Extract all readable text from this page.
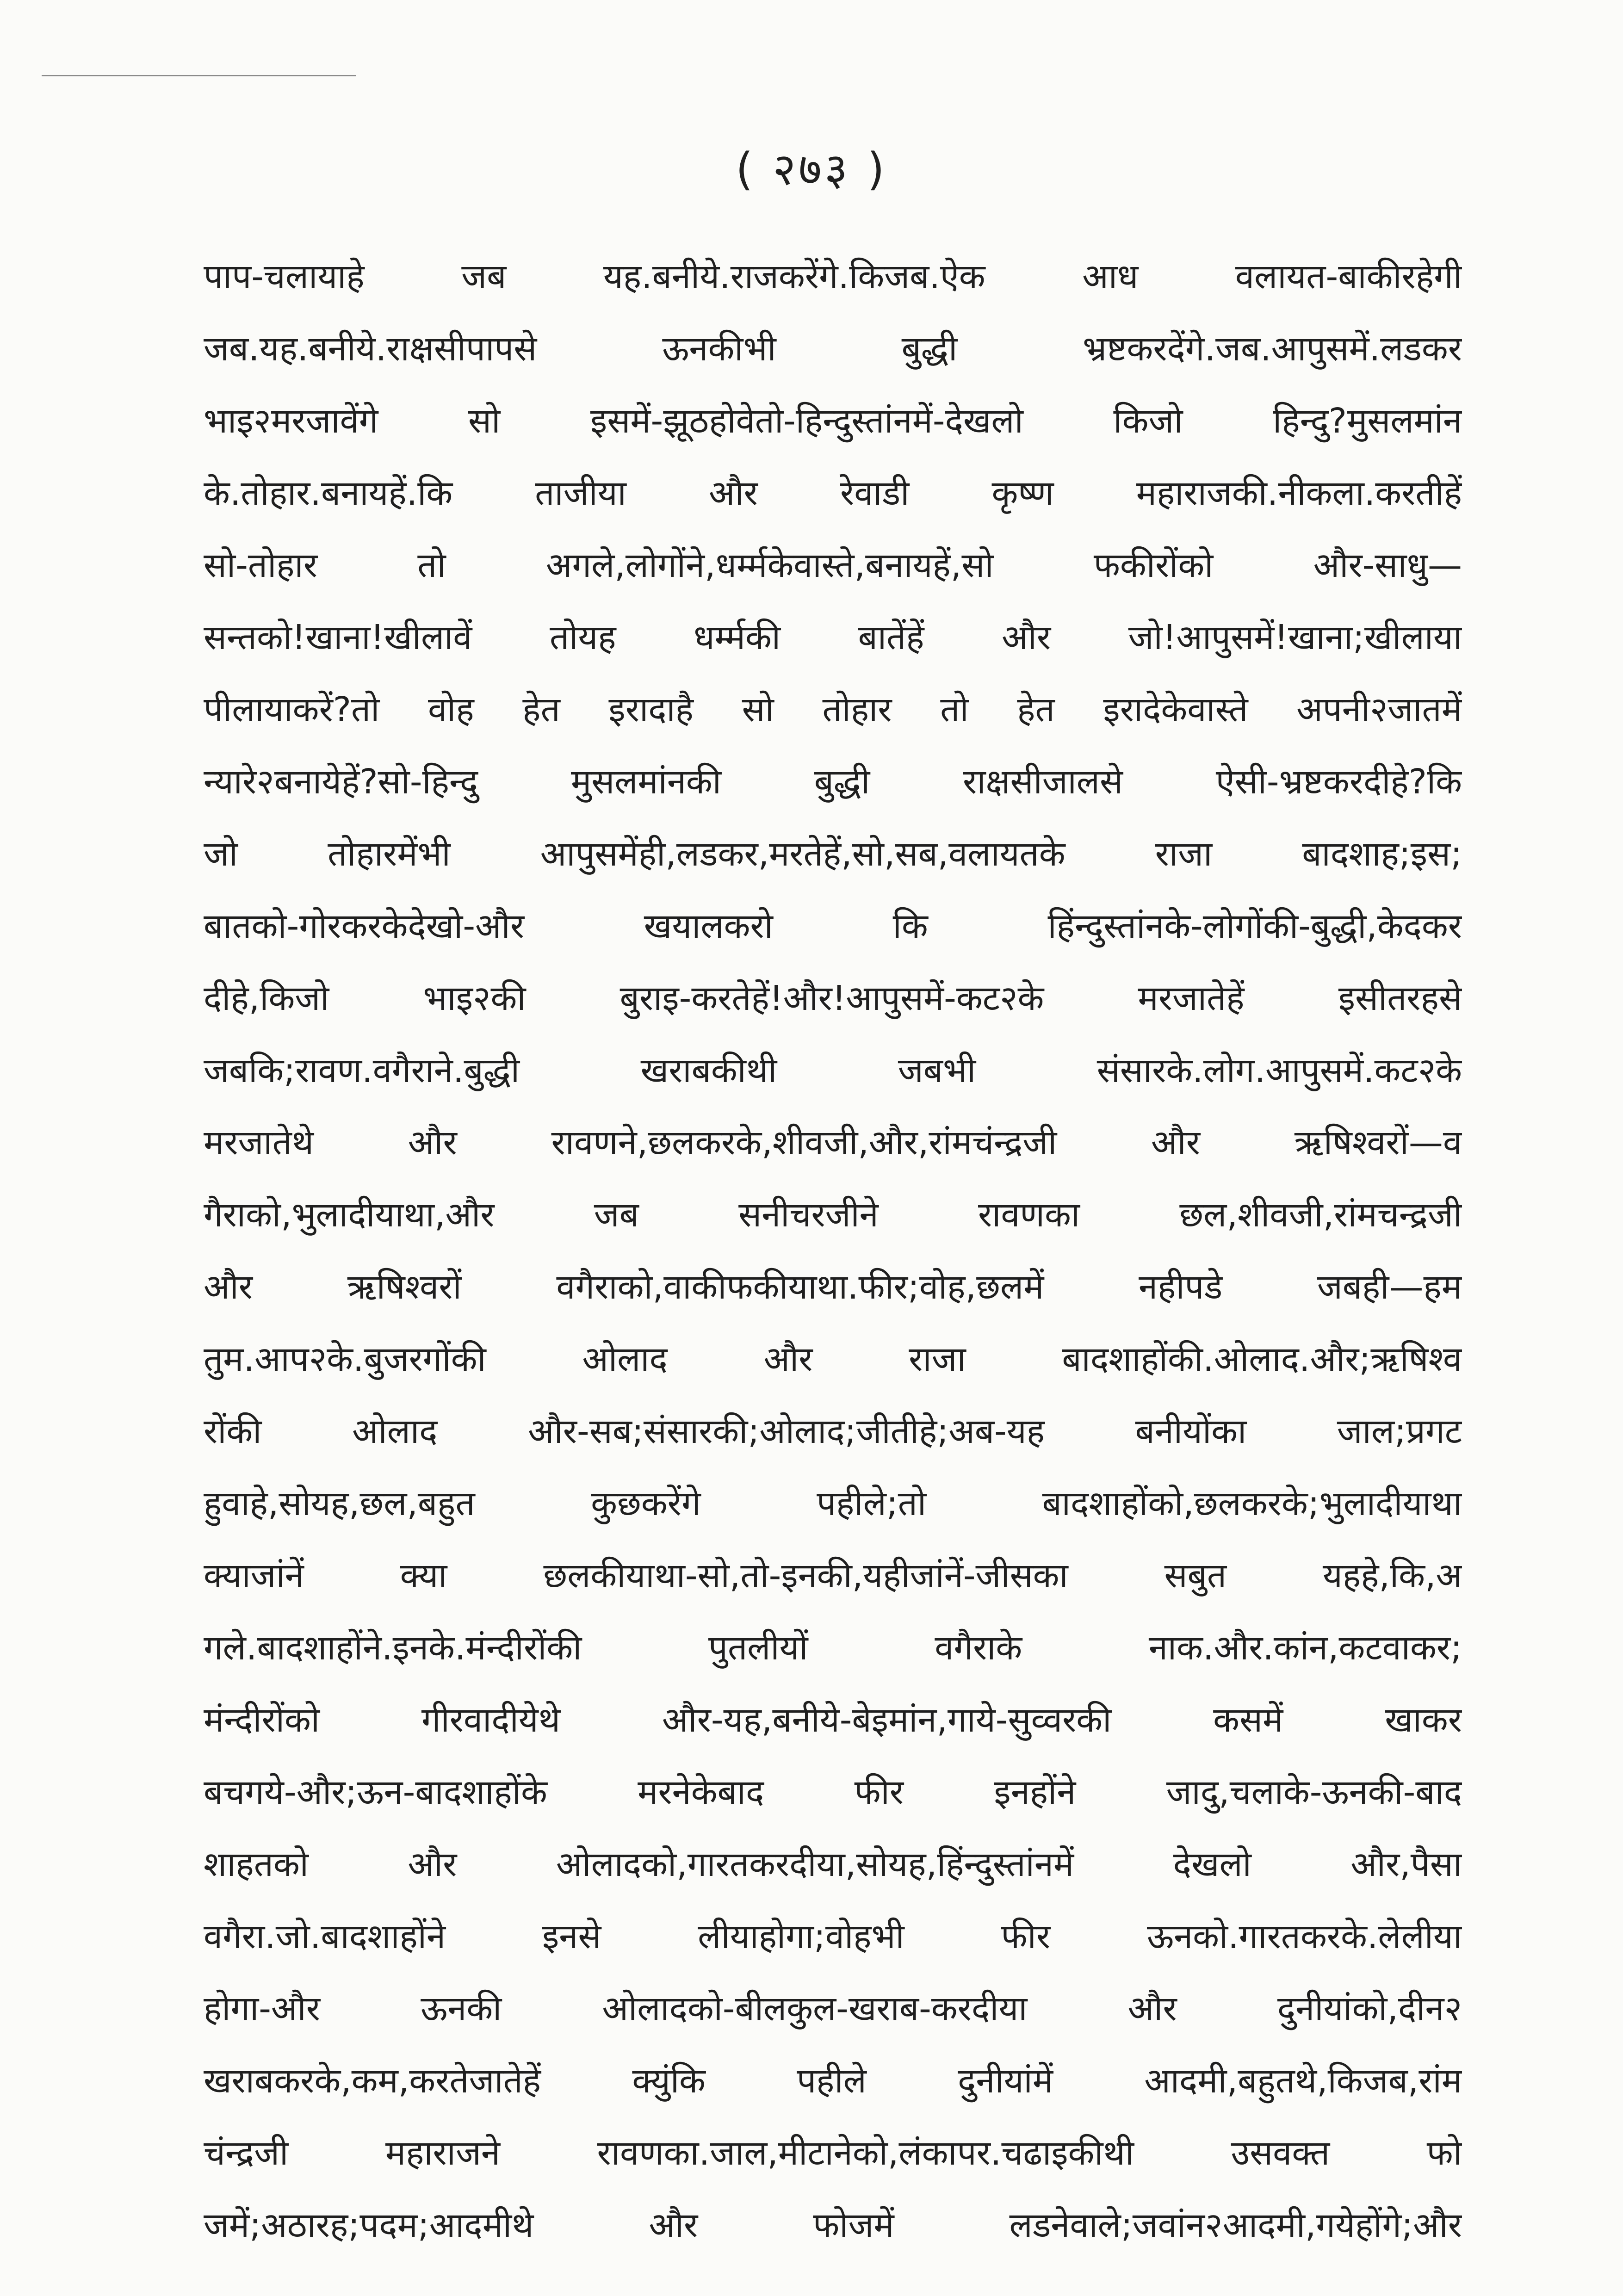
( २७३ )
पाप-चलायाहे जब यह.बनीये.राजकरेंगे.किजब.ऐक आध वलायत-बाकीरहेगी
जब.यह.बनीये.राक्षसीपापसे ऊनकीभी बुद्धी भ्रष्टकरदेंगे.जब.आपुसमें.लडकर
भाइ२मरजावेंगे सो इसमें-झूठहोवेतो-हिन्दुस्तांनमें-देखलो किजो हिन्दु?मुसलमांन
के.तोहार.बनायहें.कि ताजीया और रेवाडी कृष्ण महाराजकी.नीकला.करतीहें
सो-तोहार तो अगले,लोगोंने,धर्म्मकेवास्ते,बनायहें,सो फकीरोंको और-साधु—
सन्तको!खाना!खीलावें तोयह धर्म्मकी बातेंहें और जो!आपुसमें!खाना;खीलाया
पीलायाकरें?तो वोह हेत इरादाहै सो तोहार तो हेत इरादेकेवास्ते अपनी२जातमें
न्यारे२बनायेहें?सो-हिन्दु मुसलमांनकी बुद्धी राक्षसीजालसे ऐसी-भ्रष्टकरदीहे?कि
जो तोहारमेंभी आपुसमेंही,लडकर,मरतेहें,सो,सब,वलायतके राजा बादशाह;इस;
बातको-गोरकरकेदेखो-और खयालकरो कि हिंन्दुस्तांनके-लोगोंकी-बुद्धी,केदकर
दीहे,किजो भाइ२की बुराइ-करतेहें!और!आपुसमें-कट२के मरजातेहें इसीतरहसे
जबकि;रावण.वगैराने.बुद्धी खराबकीथी जबभी संसारके.लोग.आपुसमें.कट२के
मरजातेथे और रावणने,छलकरके,शीवजी,और,रांमचंन्द्रजी और ऋषिश्वरों—व
गैराको,भुलादीयाथा,और जब सनीचरजीने रावणका छल,शीवजी,रांमचन्द्रजी
और ऋषिश्वरों वगैराको,वाकीफकीयाथा.फीर;वोह,छलमें नहीपडे जबही—हम
तुम.आप२के.बुजरगोंकी ओलाद और राजा बादशाहोंकी.ओलाद.और;ऋषिश्व
रोंकी ओलाद और-सब;संसारकी;ओलाद;जीतीहे;अब-यह बनीयोंका जाल;प्रगट
हुवाहे,सोयह,छल,बहुत कुछकरेंगे पहीले;तो बादशाहोंको,छलकरके;भुलादीयाथा
क्याजांनें क्या छलकीयाथा-सो,तो-इनकी,यहीजांनें-जीसका सबुत यहहे,कि,अ
गले.बादशाहोंने.इनके.मंन्दीरोंकी पुतलीयों वगैराके नाक.और.कांन,कटवाकर;
मंन्दीरोंको गीरवादीयेथे और-यह,बनीये-बेइमांन,गाये-सुव्वरकी कसमें खाकर
बचगये-और;ऊन-बादशाहोंके मरनेकेबाद फीर इनहोंने जादु,चलाके-ऊनकी-बाद
शाहतको और ओलादको,गारतकरदीया,सोयह,हिंन्दुस्तांनमें देखलो और,पैसा
वगैरा.जो.बादशाहोंने इनसे लीयाहोगा;वोहभी फीर ऊनको.गारतकरके.लेलीया
होगा-और ऊनकी ओलादको-बीलकुल-खराब-करदीया और दुनीयांको,दीन२
खराबकरके,कम,करतेजातेहें क्युंकि पहीले दुनीयांमें आदमी,बहुतथे,किजब,रांम
चंन्द्रजी महाराजने रावणका.जाल,मीटानेको,लंकापर.चढाइकीथी उसवक्त फो
जमें;अठारह;पदम;आदमीथे और फोजमें लडनेवाले;जवांन२आदमी,गयेहोंगे;और
